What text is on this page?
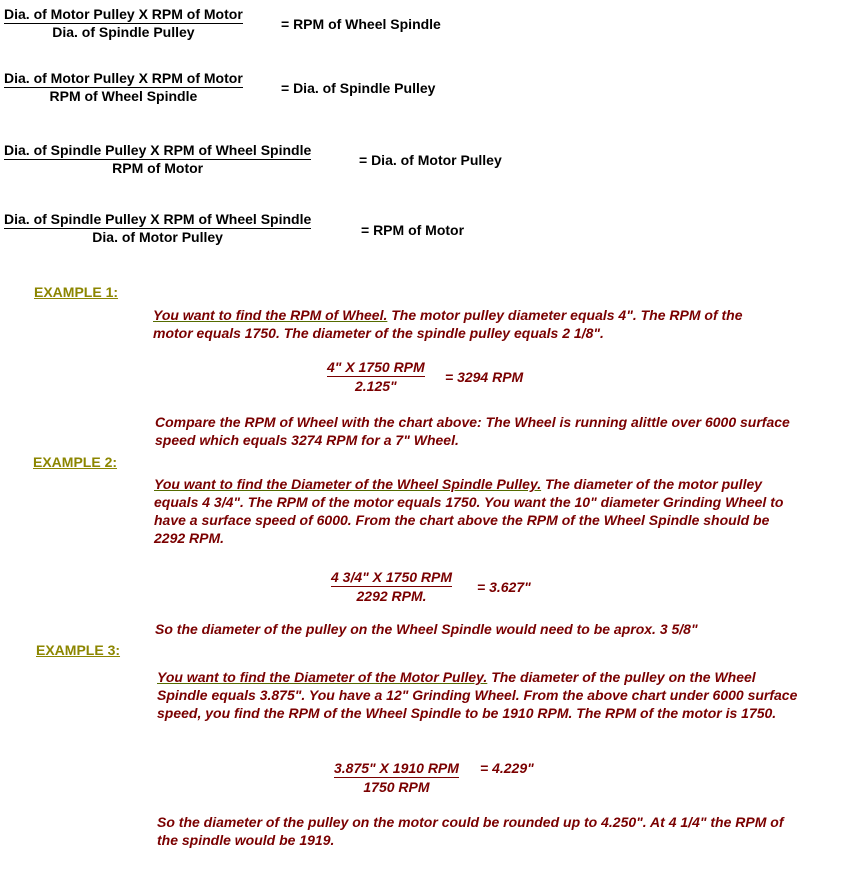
Dia. of Motor Pulley X RPM of Motor
Dia. of Spindle Pulley	= RPM of Wheel Spindle
Dia. of Motor Pulley X RPM of Motor
RPM of Wheel Spindle	= Dia. of Spindle Pulley
Dia. of Spindle Pulley X RPM of Wheel Spindle
RPM of Motor	= Dia. of Motor Pulley
Dia. of Spindle Pulley X RPM of Wheel Spindle
Dia. of Motor Pulley	= RPM of Motor
EXAMPLE 1:
You want to find the RPM of Wheel. The motor pulley diameter equals 4". The RPM of the motor equals 1750. The diameter of the spindle pulley equals 2 1/8".
4" X 1750 RPM
2.125"
= 3294 RPM
Compare the RPM of Wheel with the chart above: The Wheel is running alittle over 6000 surface speed which equals 3274 RPM for a 7" Wheel.
EXAMPLE 2:
You want to find the Diameter of the Wheel Spindle Pulley. The diameter of the motor pulley equals 4 3/4". The RPM of the motor equals 1750. You want the 10" diameter Grinding Wheel to have a surface speed of 6000. From the chart above the RPM of the Wheel Spindle should be 2292 RPM.
4 3/4" X 1750 RPM
2292 RPM.
= 3.627"
So the diameter of the pulley on the Wheel Spindle would need to be aprox. 3 5/8"
EXAMPLE 3:
You want to find the Diameter of the Motor Pulley. The diameter of the pulley on the Wheel Spindle equals 3.875". You have a 12" Grinding Wheel. From the above chart under 6000 surface speed, you find the RPM of the Wheel Spindle to be 1910 RPM. The RPM of the motor is 1750.
3.875" X 1910 RPM
1750 RPM
= 4.229"
So the diameter of the pulley on the motor could be rounded up to 4.250". At 4 1/4" the RPM of the spindle would be 1919.
